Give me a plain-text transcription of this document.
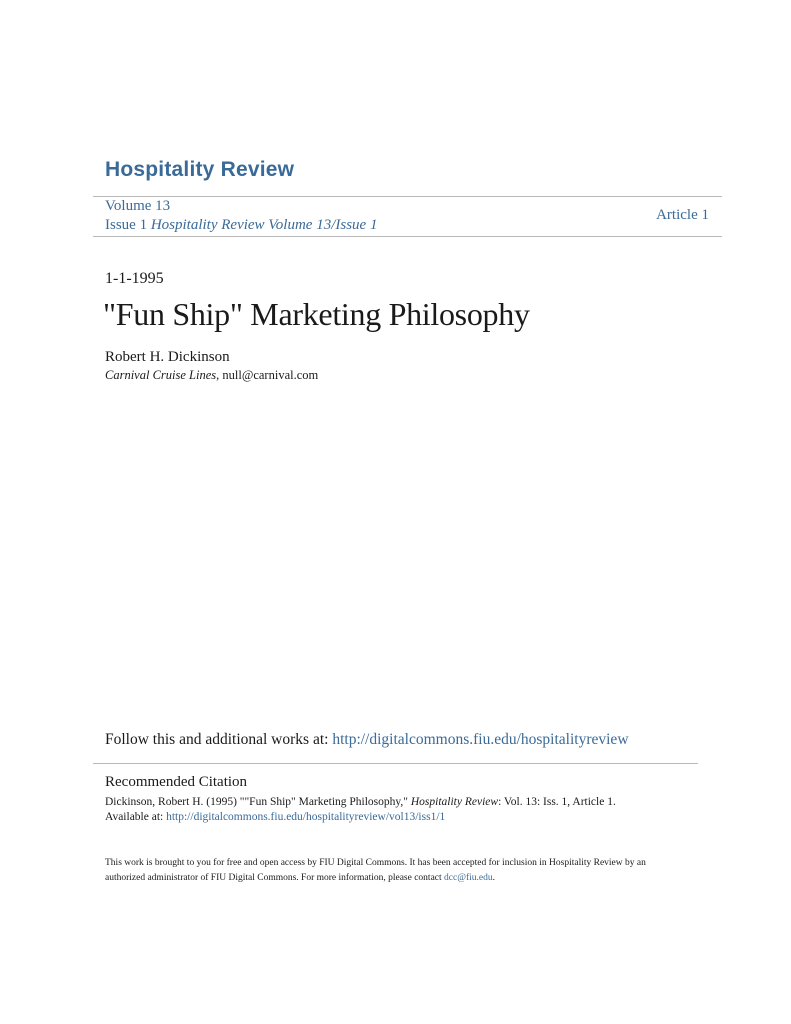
Hospitality Review
Volume 13
Issue 1 Hospitality Review Volume 13/Issue 1
Article 1
1-1-1995
"Fun Ship" Marketing Philosophy
Robert H. Dickinson
Carnival Cruise Lines, null@carnival.com
Follow this and additional works at: http://digitalcommons.fiu.edu/hospitalityreview
Recommended Citation
Dickinson, Robert H. (1995) ""Fun Ship" Marketing Philosophy," Hospitality Review: Vol. 13: Iss. 1, Article 1.
Available at: http://digitalcommons.fiu.edu/hospitalityreview/vol13/iss1/1
This work is brought to you for free and open access by FIU Digital Commons. It has been accepted for inclusion in Hospitality Review by an
authorized administrator of FIU Digital Commons. For more information, please contact dcc@fiu.edu.
